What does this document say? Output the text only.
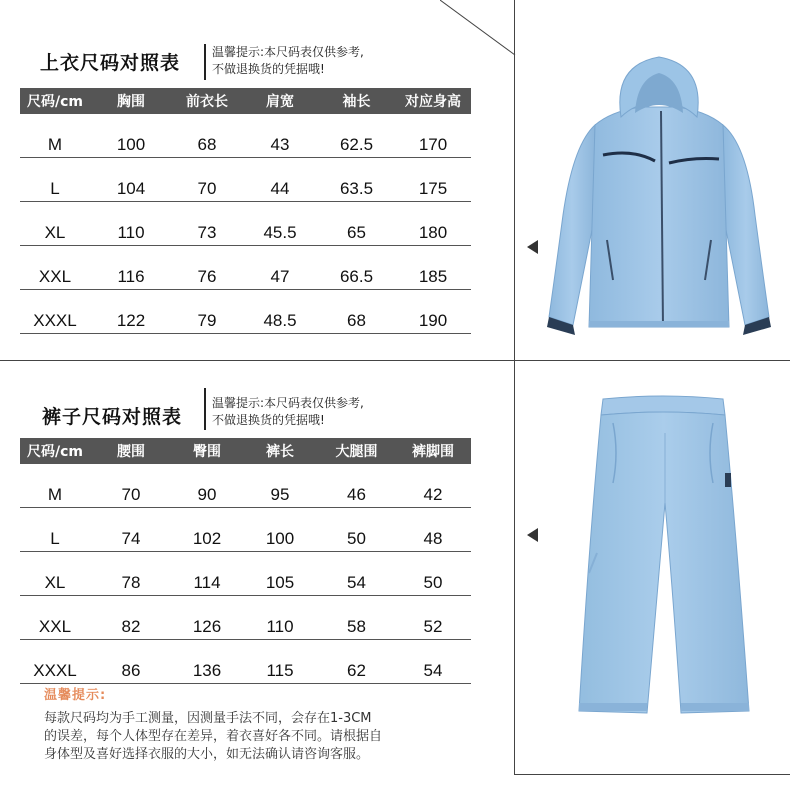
上衣尺码对照表	温馨提示:本尺码表仅供参考,
不做退换货的凭据哦!
尺码/cm	胸围	前衣长	肩宽	袖长	对应身高
M	100	68	43	62.5	170
L	104	70	44	63.5	175
XL	110	73	45.5	65	180
XXL	116	76	47	66.5	185
XXXL	122	79	48.5	68	190
裤子尺码对照表
温馨提示:本尺码表仅供参考,
不做退换货的凭据哦!
尺码/cm	腰围	臀围	裤长	大腿围	裤脚围
M	70	90	95	46	42
L	74	102	100	50	48
XL	78	114	105	54	50
XXL	82	126	110	58	52
XXXL	86	136	115	62	54
温馨提示:
每款尺码均为手工测量，因测量手法不同，会存在1-3CM
的误差，每个人体型存在差异，着衣喜好各不同。请根据自
身体型及喜好选择衣服的大小，如无法确认请咨询客服。
